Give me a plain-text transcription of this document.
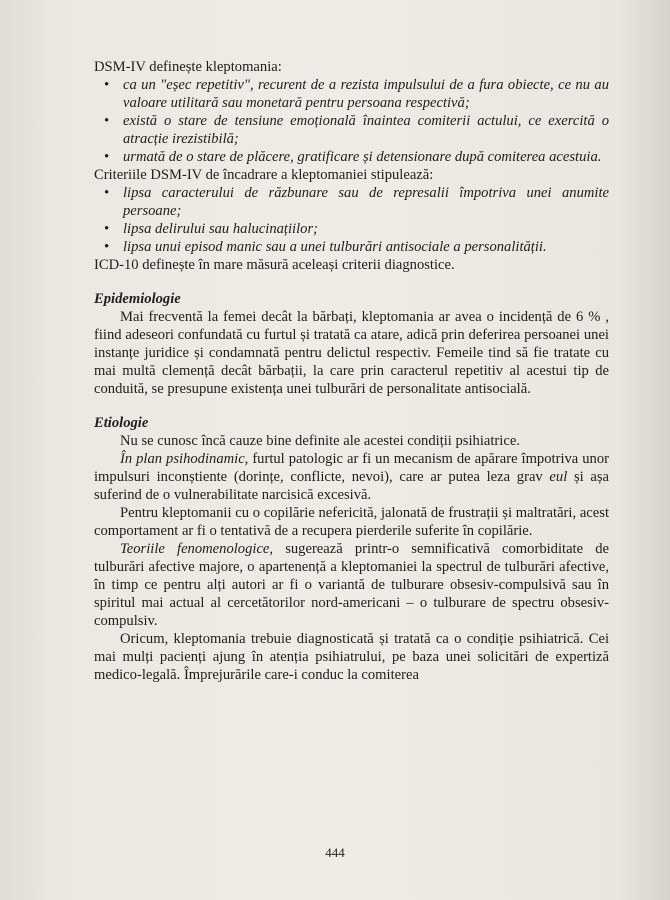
DSM-IV definește kleptomania:

• ca un "eșec repetitiv", recurent de a rezista impulsului de a fura obiecte, ce nu au valoare utilitară sau monetară pentru persoana respectivă;
• există o stare de tensiune emoțională înaintea comiterii actului, ce exercită o atracție irezistibilă;
• urmată de o stare de plăcere, gratificare și detensionare după comiterea acestuia.

Criteriile DSM-IV de încadrare a kleptomaniei stipulează:

• lipsa caracterului de răzbunare sau de represalii împotriva unei anumite persoane;
• lipsa delirului sau halucinațiilor;
• lipsa unui episod manic sau a unei tulburări antisociale a personalității.

ICD-10 definește în mare măsură aceleași criterii diagnostice.

Epidemiologie

Mai frecventă la femei decât la bărbați, kleptomania ar avea o incidență de 6 % , fiind adeseori confundată cu furtul și tratată ca atare, adică prin deferirea persoanei unei instanțe juridice și condamnată pentru delictul respectiv. Femeile tind să fie tratate cu mai multă clemență decât bărbații, la care prin caracterul repetitiv al acestui tip de conduită, se presupune existența unei tulburări de personalitate antisocială.

Etiologie

Nu se cunosc încă cauze bine definite ale acestei condiții psihiatrice.

În plan psihodinamic, furtul patologic ar fi un mecanism de apărare împotriva unor impulsuri inconștiente (dorințe, conflicte, nevoi), care ar putea leza grav eul și așa suferind de o vulnerabilitate narcisică excesivă.

Pentru kleptomanii cu o copilărie nefericită, jalonată de frustrații și maltratări, acest comportament ar fi o tentativă de a recupera pierderile suferite în copilărie.

Teoriile fenomenologice, sugerează printr-o semnificativă comorbiditate de tulburări afective majore, o apartenență a kleptomaniei la spectrul de tulburări afective, în timp ce pentru alți autori ar fi o variantă de tulburare obsesiv-compulsivă sau în spiritul mai actual al cercetătorilor nord-americani – o tulburare de spectru obsesiv-compulsiv.

Oricum, kleptomania trebuie diagnosticată și tratată ca o condiție psihiatrică. Cei mai mulți pacienți ajung în atenția psihiatrului, pe baza unei solicitări de expertiză medico-legală. Împrejurările care-i conduc la comiterea

444
